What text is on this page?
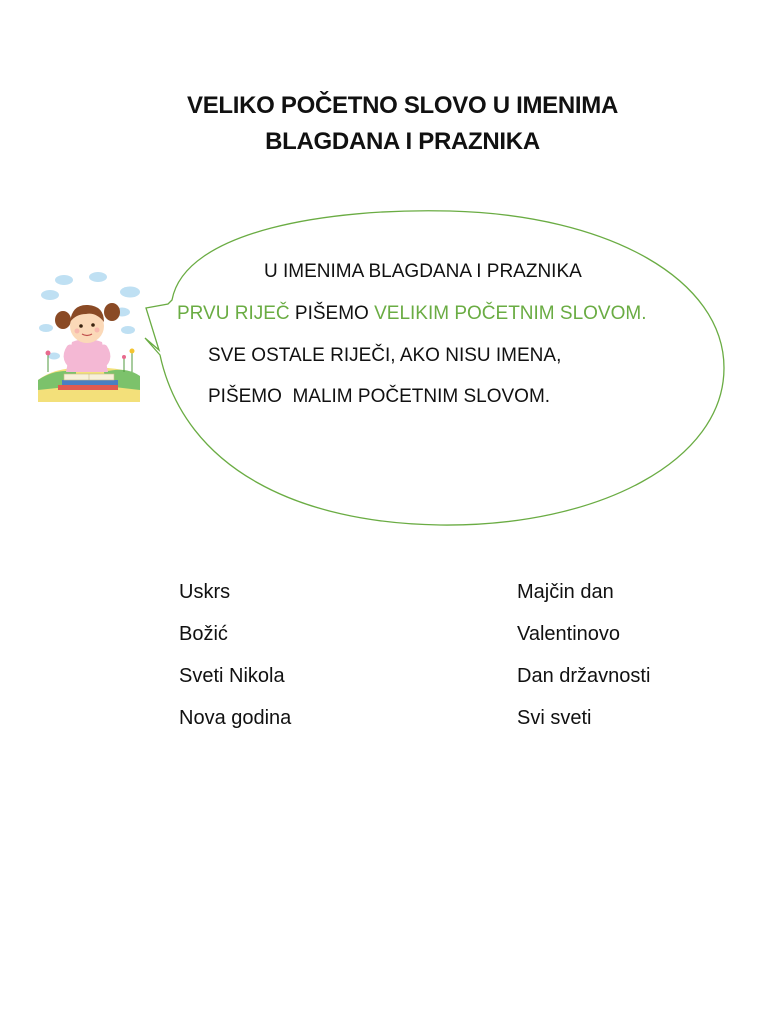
VELIKO POČETNO SLOVO U IMENIMA
BLAGDANA I PRAZNIKA
U IMENIMA BLAGDANA I PRAZNIKA
PRVU RIJEČ PIŠEMO VELIKIM POČETNIM SLOVOM.
SVE OSTALE RIJEČI, AKO NISU IMENA,
PIŠEMO  MALIM POČETNIM SLOVOM.
Uskrs
Božić
Sveti Nikola
Nova godina
Majčin dan
Valentinovo
Dan državnosti
Svi sveti
